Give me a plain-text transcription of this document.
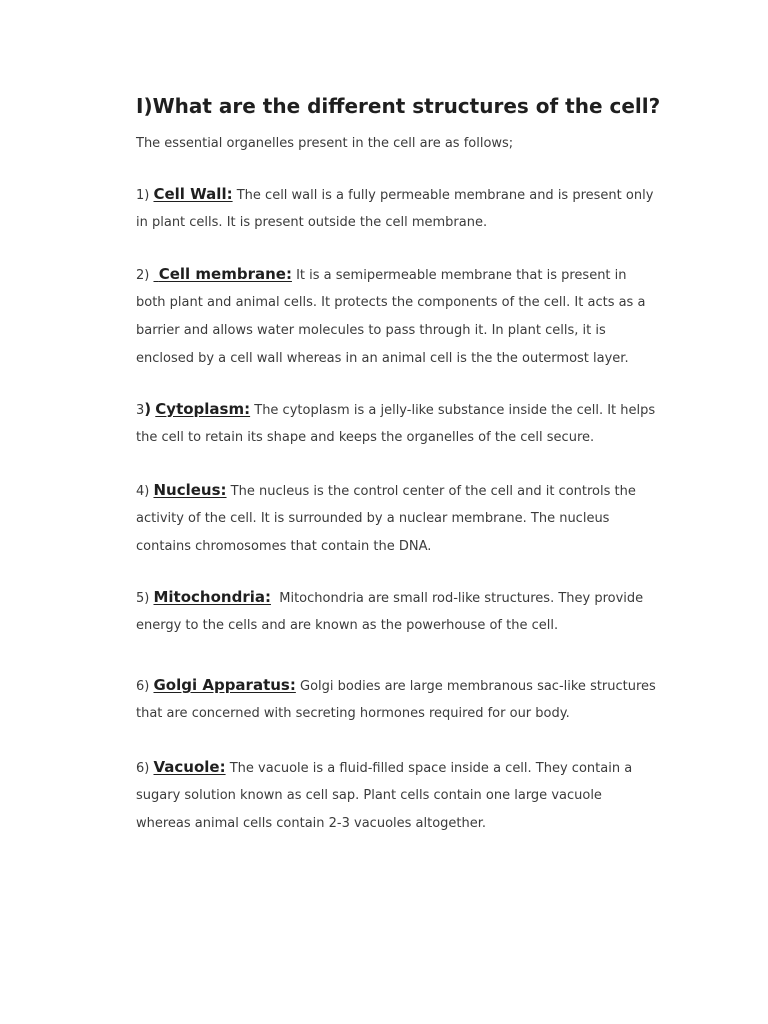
I)What are the different structures of the cell?

The essential organelles present in the cell are as follows;

1) Cell Wall: The cell wall is a fully permeable membrane and is present only
in plant cells. It is present outside the cell membrane.
2) Cell membrane: It is a semipermeable membrane that is present in
both plant and animal cells. It protects the components of the cell. It acts as a
barrier and allows water molecules to pass through it. In plant cells, it is
enclosed by a cell wall whereas in an animal cell is the the outermost layer.
3) Cytoplasm: The cytoplasm is a jelly-like substance inside the cell. It helps
the cell to retain its shape and keeps the organelles of the cell secure.
4) Nucleus: The nucleus is the control center of the cell and it controls the
activity of the cell. It is surrounded by a nuclear membrane. The nucleus
contains chromosomes that contain the DNA.
5) Mitochondria:  Mitochondria are small rod-like structures. They provide
energy to the cells and are known as the powerhouse of the cell.
6) Golgi Apparatus: Golgi bodies are large membranous sac-like structures
that are concerned with secreting hormones required for our body.
6) Vacuole: The vacuole is a fluid-filled space inside a cell. They contain a
sugary solution known as cell sap. Plant cells contain one large vacuole
whereas animal cells contain 2-3 vacuoles altogether.
